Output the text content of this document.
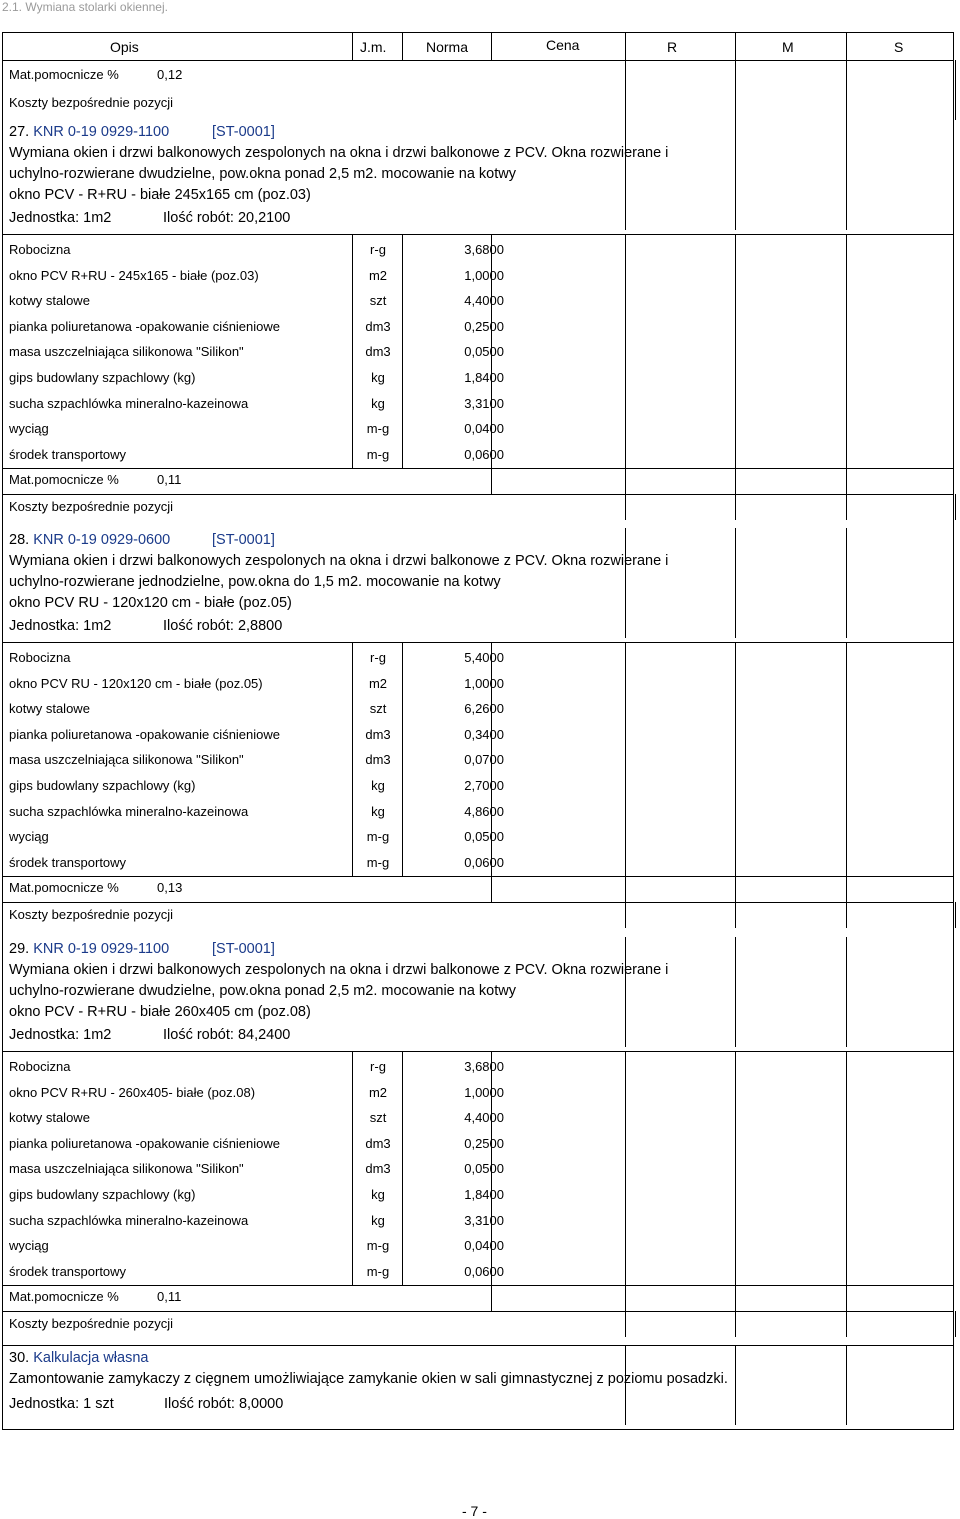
2.1. Wymiana stolarki okiennej.
Opis	J.m.	Norma	Cena	R	M	S
Mat.pomocnicze %	0,12
Koszty bezpośrednie pozycji
27. KNR 0-19 0929-1100	[ST-0001]
Wymiana okien i drzwi balkonowych zespolonych na okna i drzwi balkonowe z PCV. Okna rozwierane i
uchylno-rozwierane dwudzielne, pow.okna ponad 2,5 m2. mocowanie na kotwy
okno PCV - R+RU - białe 245x165 cm (poz.03)
Jednostka: 1m2	Ilość robót: 20,2100
Robocizna	r-g	3,6800
okno PCV R+RU - 245x165 - białe (poz.03)	m2	1,0000
kotwy stalowe	szt	4,4000
pianka poliuretanowa -opakowanie ciśnieniowe	dm3	0,2500
masa uszczelniająca silikonowa "Silikon"	dm3	0,0500
gips budowlany szpachlowy (kg)	kg	1,8400
sucha szpachlówka mineralno-kazeinowa	kg	3,3100
wyciąg	m-g	0,0400
środek transportowy	m-g	0,0600
Mat.pomocnicze %	0,11
Koszty bezpośrednie pozycji
28. KNR 0-19 0929-0600	[ST-0001]
Wymiana okien i drzwi balkonowych zespolonych na okna i drzwi balkonowe z PCV. Okna rozwierane i
uchylno-rozwierane jednodzielne, pow.okna do 1,5 m2. mocowanie na kotwy
okno PCV RU - 120x120 cm - białe (poz.05)
Jednostka: 1m2	Ilość robót: 2,8800
Robocizna	r-g	5,4000
okno PCV RU - 120x120 cm - białe (poz.05)	m2	1,0000
kotwy stalowe	szt	6,2600
pianka poliuretanowa -opakowanie ciśnieniowe	dm3	0,3400
masa uszczelniająca silikonowa "Silikon"	dm3	0,0700
gips budowlany szpachlowy (kg)	kg	2,7000
sucha szpachlówka mineralno-kazeinowa	kg	4,8600
wyciąg	m-g	0,0500
środek transportowy	m-g	0,0600
Mat.pomocnicze %	0,13
Koszty bezpośrednie pozycji
29. KNR 0-19 0929-1100	[ST-0001]
Wymiana okien i drzwi balkonowych zespolonych na okna i drzwi balkonowe z PCV. Okna rozwierane i
uchylno-rozwierane dwudzielne, pow.okna ponad 2,5 m2. mocowanie na kotwy
okno PCV - R+RU - białe 260x405 cm (poz.08)
Jednostka: 1m2	Ilość robót: 84,2400
Robocizna	r-g	3,6800
okno PCV R+RU - 260x405- białe (poz.08)	m2	1,0000
kotwy stalowe	szt	4,4000
pianka poliuretanowa -opakowanie ciśnieniowe	dm3	0,2500
masa uszczelniająca silikonowa "Silikon"	dm3	0,0500
gips budowlany szpachlowy (kg)	kg	1,8400
sucha szpachlówka mineralno-kazeinowa	kg	3,3100
wyciąg	m-g	0,0400
środek transportowy	m-g	0,0600
Mat.pomocnicze %	0,11
Koszty bezpośrednie pozycji
30. Kalkulacja własna
Zamontowanie zamykaczy z cięgnem umożliwiające zamykanie okien w sali gimnastycznej z poziomu posadzki.
Jednostka: 1 szt	Ilość robót: 8,0000
- 7 -
